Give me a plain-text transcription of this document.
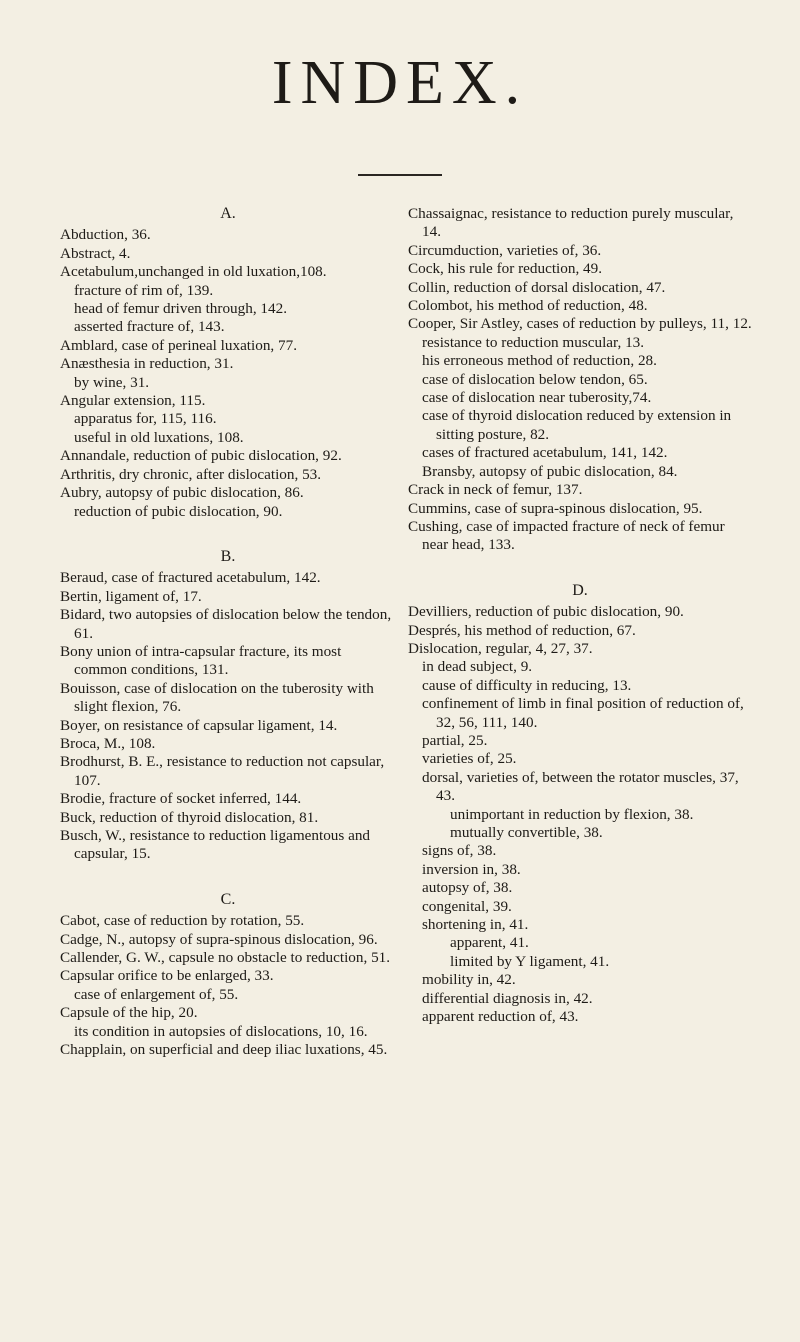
INDEX.
A.
Abduction, 36.
Abstract, 4.
Acetabulum,unchanged in old luxation,108.
fracture of rim of, 139.
head of femur driven through, 142.
asserted fracture of, 143.
Amblard, case of perineal luxation, 77.
Anæsthesia in reduction, 31.
by wine, 31.
Angular extension, 115.
apparatus for, 115, 116.
useful in old luxations, 108.
Annandale, reduction of pubic dislocation, 92.
Arthritis, dry chronic, after dislocation, 53.
Aubry, autopsy of pubic dislocation, 86.
reduction of pubic dislocation, 90.
B.
Beraud, case of fractured acetabulum, 142.
Bertin, ligament of, 17.
Bidard, two autopsies of dislocation below the tendon, 61.
Bony union of intra-capsular fracture, its most common conditions, 131.
Bouisson, case of dislocation on the tuberosity with slight flexion, 76.
Boyer, on resistance of capsular ligament, 14.
Broca, M., 108.
Brodhurst, B. E., resistance to reduction not capsular, 107.
Brodie, fracture of socket inferred, 144.
Buck, reduction of thyroid dislocation, 81.
Busch, W., resistance to reduction ligamentous and capsular, 15.
C.
Cabot, case of reduction by rotation, 55.
Cadge, N., autopsy of supra-spinous dislocation, 96.
Callender, G. W., capsule no obstacle to reduction, 51.
Capsular orifice to be enlarged, 33.
case of enlargement of, 55.
Capsule of the hip, 20.
its condition in autopsies of dislocations, 10, 16.
Chapplain, on superficial and deep iliac luxations, 45.
Chassaignac, resistance to reduction purely muscular, 14.
Circumduction, varieties of, 36.
Cock, his rule for reduction, 49.
Collin, reduction of dorsal dislocation, 47.
Colombot, his method of reduction, 48.
Cooper, Sir Astley, cases of reduction by pulleys, 11, 12.
resistance to reduction muscular, 13.
his erroneous method of reduction, 28.
case of dislocation below tendon, 65.
case of dislocation near tuberosity,74.
case of thyroid dislocation reduced by extension in sitting posture, 82.
cases of fractured acetabulum, 141, 142.
Bransby, autopsy of pubic dislocation, 84.
Crack in neck of femur, 137.
Cummins, case of supra-spinous dislocation, 95.
Cushing, case of impacted fracture of neck of femur near head, 133.
D.
Devilliers, reduction of pubic dislocation, 90.
Després, his method of reduction, 67.
Dislocation, regular, 4, 27, 37.
in dead subject, 9.
cause of difficulty in reducing, 13.
confinement of limb in final position of reduction of, 32, 56, 111, 140.
partial, 25.
varieties of, 25.
dorsal, varieties of, between the rotator muscles, 37, 43.
unimportant in reduction by flexion, 38.
mutually convertible, 38.
signs of, 38.
inversion in, 38.
autopsy of, 38.
congenital, 39.
shortening in, 41.
apparent, 41.
limited by Y ligament, 41.
mobility in, 42.
differential diagnosis in, 42.
apparent reduction of, 43.
